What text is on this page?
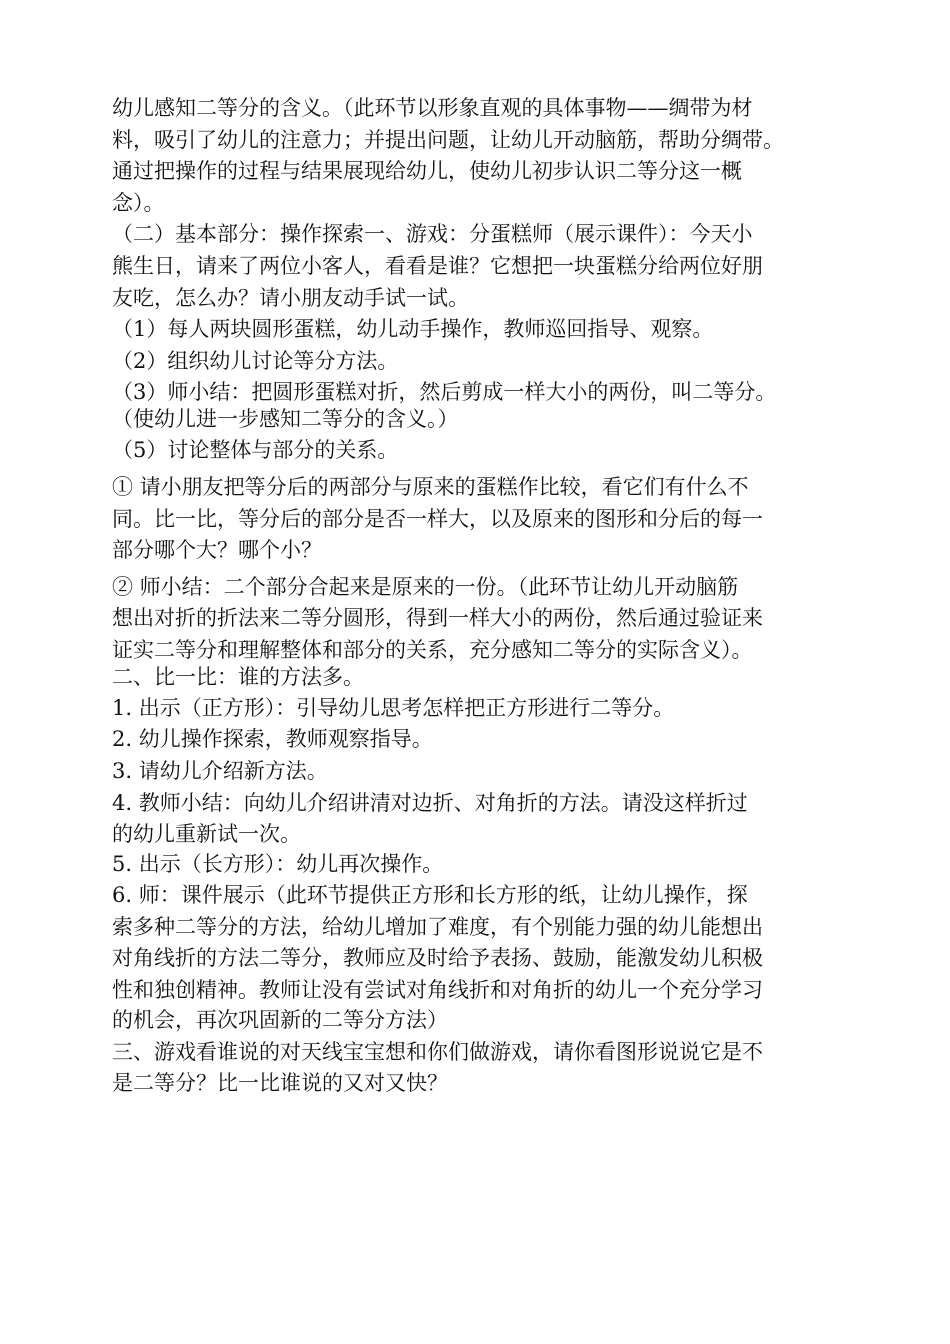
幼儿感知二等分的含义。（此环节以形象直观的具体事物——绸带为材
料，吸引了幼儿的注意力；并提出问题，让幼儿开动脑筋，帮助分绸带。
通过把操作的过程与结果展现给幼儿，使幼儿初步认识二等分这一概
念）。
（二）基本部分：操作探索一、游戏：分蛋糕师（展示课件）：今天小
熊生日，请来了两位小客人，看看是谁？它想把一块蛋糕分给两位好朋
友吃，怎么办？请小朋友动手试一试。
（1）每人两块圆形蛋糕，幼儿动手操作，教师巡回指导、观察。
（2）组织幼儿讨论等分方法。
（3）师小结：把圆形蛋糕对折，然后剪成一样大小的两份，叫二等分。
（使幼儿进一步感知二等分的含义。）
（5）讨论整体与部分的关系。
① 请小朋友把等分后的两部分与原来的蛋糕作比较，看它们有什么不
同。比一比，等分后的部分是否一样大，以及原来的图形和分后的每一
部分哪个大？哪个小？
② 师小结：二个部分合起来是原来的一份。（此环节让幼儿开动脑筋
想出对折的折法来二等分圆形，得到一样大小的两份，然后通过验证来
证实二等分和理解整体和部分的关系，充分感知二等分的实际含义）。
二、比一比：谁的方法多。
1. 出示（正方形）：引导幼儿思考怎样把正方形进行二等分。
2. 幼儿操作探索，教师观察指导。
3. 请幼儿介绍新方法。
4. 教师小结：向幼儿介绍讲清对边折、对角折的方法。请没这样折过
的幼儿重新试一次。
5. 出示（长方形）：幼儿再次操作。
6. 师：课件展示（此环节提供正方形和长方形的纸，让幼儿操作，探
索多种二等分的方法，给幼儿增加了难度，有个别能力强的幼儿能想出
对角线折的方法二等分，教师应及时给予表扬、鼓励，能激发幼儿积极
性和独创精神。教师让没有尝试对角线折和对角折的幼儿一个充分学习
的机会，再次巩固新的二等分方法）
三、游戏看谁说的对天线宝宝想和你们做游戏，请你看图形说说它是不
是二等分？比一比谁说的又对又快？
